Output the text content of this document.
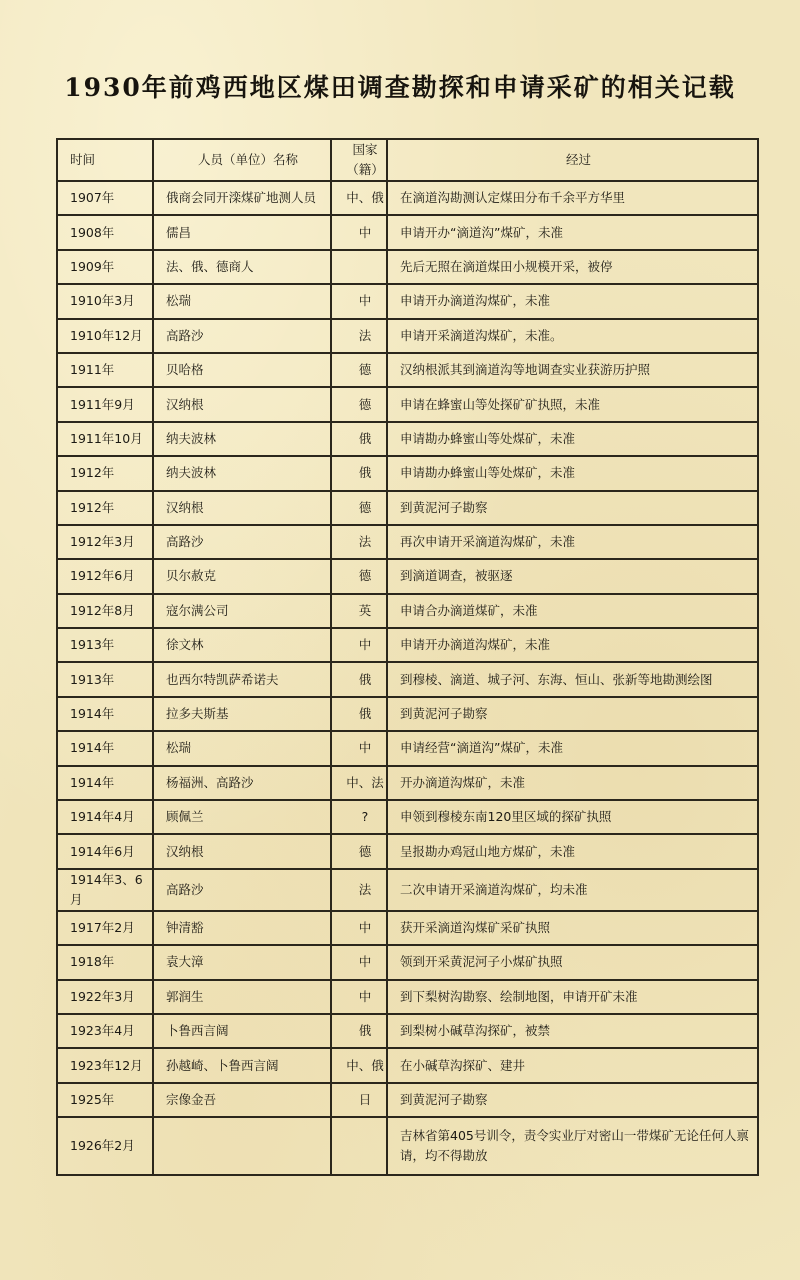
1930年前鸡西地区煤田调查勘探和申请采矿的相关记载
时间	人员（单位）名称	国家（籍）	经过
1907年	俄商会同开滦煤矿地测人员	中、俄	在滴道沟勘测认定煤田分布千余平方华里
1908年	儒昌	中	申请开办“滴道沟”煤矿，未准
1909年	法、俄、德商人		先后无照在滴道煤田小规模开采，被停
1910年3月	松瑞	中	申请开办滴道沟煤矿，未准
1910年12月	高路沙	法	申请开采滴道沟煤矿，未准。
1911年	贝哈格	德	汉纳根派其到滴道沟等地调查实业获游历护照
1911年9月	汉纳根	德	申请在蜂蜜山等处探矿矿执照，未准
1911年10月	纳夫波林	俄	申请勘办蜂蜜山等处煤矿，未准
1912年	纳夫波林	俄	申请勘办蜂蜜山等处煤矿，未准
1912年	汉纳根	德	到黄泥河子勘察
1912年3月	高路沙	法	再次申请开采滴道沟煤矿，未准
1912年6月	贝尔赦克	德	到滴道调查，被驱逐
1912年8月	寇尔满公司	英	申请合办滴道煤矿，未准
1913年	徐文林	中	申请开办滴道沟煤矿，未准
1913年	也西尔特凯萨希诺夫	俄	到穆棱、滴道、城子河、东海、恒山、张新等地勘测绘图
1914年	拉多夫斯基	俄	到黄泥河子勘察
1914年	松瑞	中	申请经营“滴道沟”煤矿，未准
1914年	杨福洲、高路沙	中、法	开办滴道沟煤矿，未准
1914年4月	顾佩兰	?	申领到穆棱东南120里区域的探矿执照
1914年6月	汉纳根	德	呈报勘办鸡冠山地方煤矿，未准
1914年3、6月	高路沙	法	二次申请开采滴道沟煤矿，均未准
1917年2月	钟清豁	中	获开采滴道沟煤矿采矿执照
1918年	袁大漳	中	领到开采黄泥河子小煤矿执照
1922年3月	郭润生	中	到下梨树沟勘察、绘制地图，申请开矿未准
1923年4月	卜鲁西言阔	俄	到梨树小碱草沟探矿，被禁
1923年12月	孙越崎、卜鲁西言阔	中、俄	在小碱草沟探矿、建井
1925年	宗像金吾	日	到黄泥河子勘察
1926年2月			吉林省第405号训令，责令实业厅对密山一带煤矿无论任何人禀请，均不得勘放
